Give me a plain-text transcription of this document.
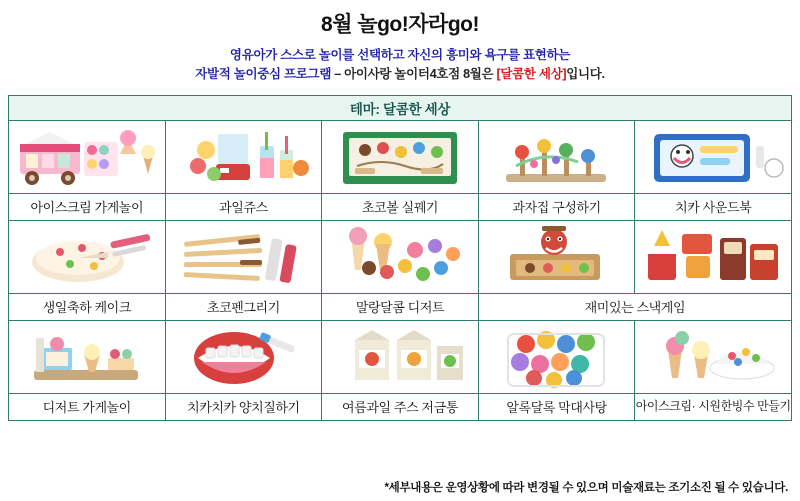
8월 놀go!자라go!
영유아가 스스로 놀이를 선택하고 자신의 흥미와 욕구를 표현하는
자발적 놀이중심 프로그램 – 아이사랑 놀이터4호점 8월은 [달콤한 세상]입니다.
테마: 달콤한 세상				

아이스크림 가게놀이	과일쥬스	초코볼 실꿰기	과자집 구성하기	치카 사운드북

생일축하 케이크	초코펜그리기	말랑달콤 디저트	재미있는 스낵게임	

디저트 가게놀이	치카치카 양치질하기	여름과일 주스 저금통	알록달록 막대사탕	아이스크림· 시원한빙수 만들기
*세부내용은 운영상황에 따라 변경될 수 있으며 미술재료는 조기소진 될 수 있습니다.
